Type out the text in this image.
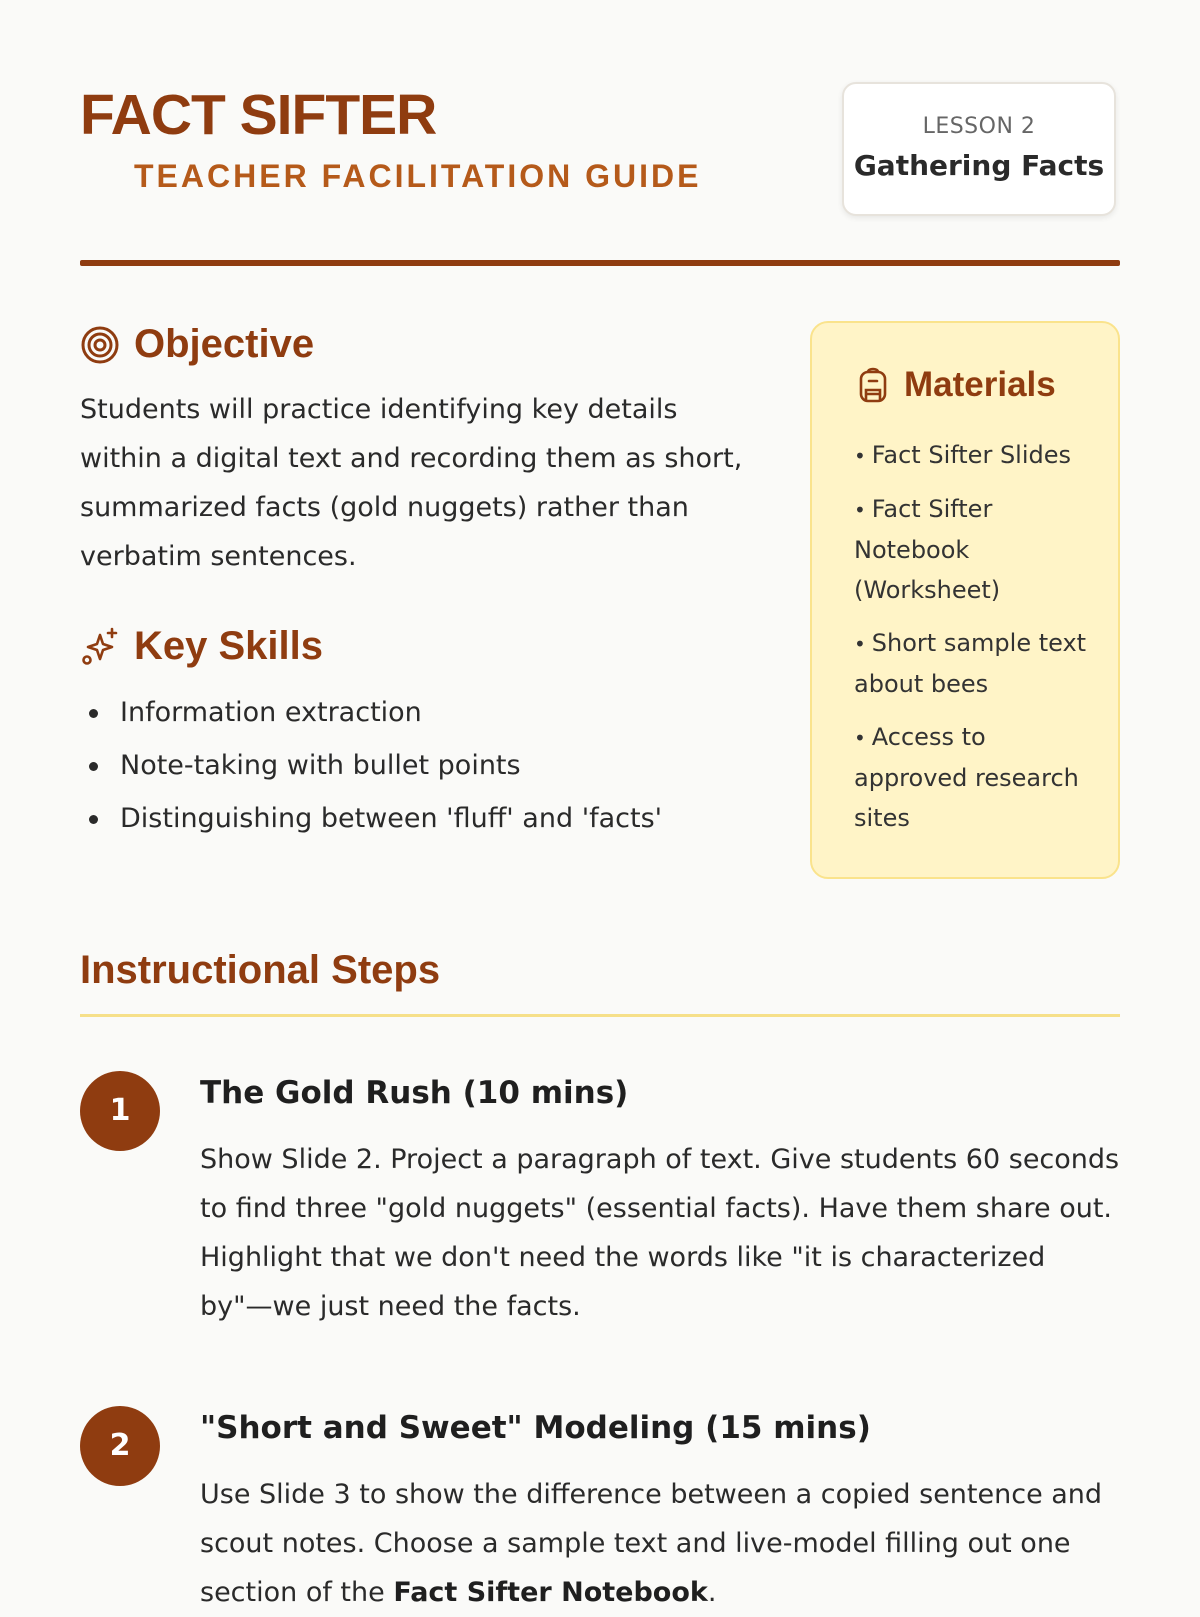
FACT SIFTER
TEACHER FACILITATION GUIDE
LESSON 2
Gathering Facts
Objective

Students will practice identifying key details within a digital text and recording them as short, summarized facts (gold nuggets) rather than verbatim sentences.

Key Skills
Information extraction
Note-taking with bullet points
Distinguishing between 'fluff' and 'facts'
Materials
• Fact Sifter Slides
• Fact Sifter Notebook (Worksheet)
• Short sample text about bees
• Access to approved research sites
Instructional Steps
1	The Gold Rush (10 mins)

Show Slide 2. Project a paragraph of text. Give students 60 seconds to find three "gold nuggets" (essential facts). Have them share out. Highlight that we don't need the words like "it is characterized by"—we just need the facts.

2	"Short and Sweet" Modeling (15 mins)

Use Slide 3 to show the difference between a copied sentence and scout notes. Choose a sample text and live-model filling out one section of the Fact Sifter Notebook.
